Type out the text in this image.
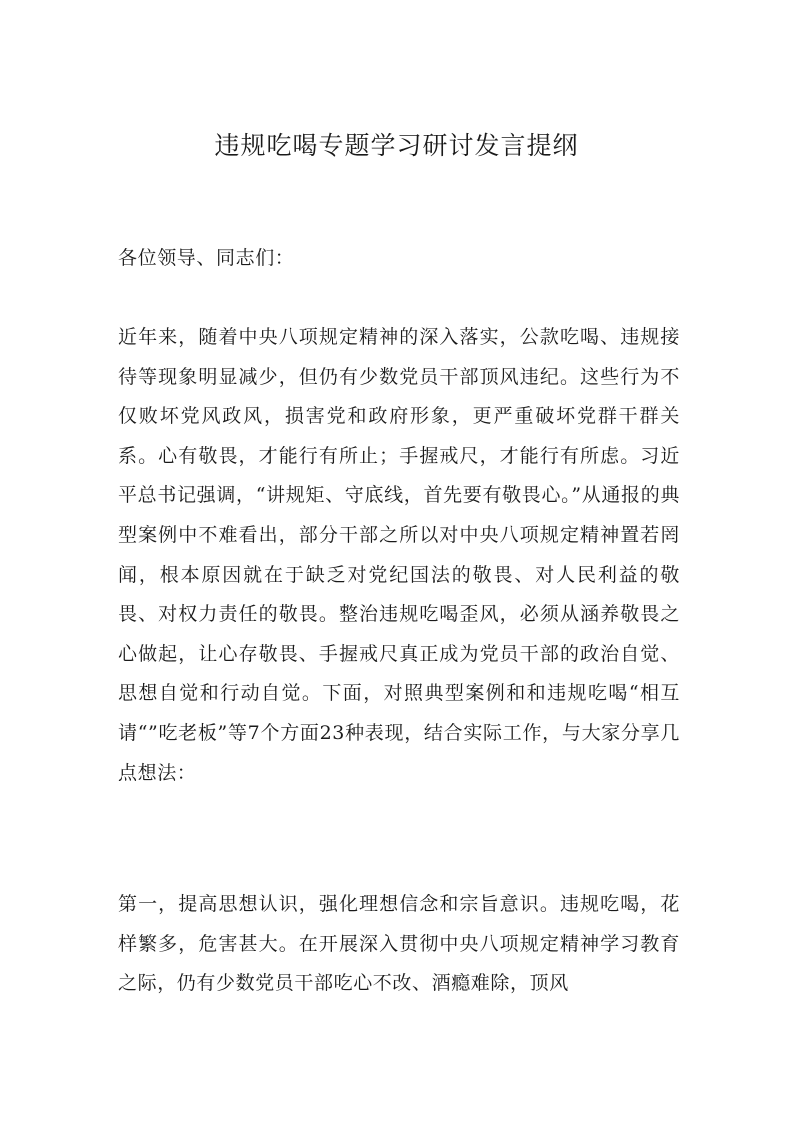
违规吃喝专题学习研讨发言提纲

各位领导、同志们：

近年来，随着中央八项规定精神的深入落实，公款吃喝、违规接待等现象明显减少，但仍有少数党员干部顶风违纪。这些行为不仅败坏党风政风，损害党和政府形象，更严重破坏党群干群关系。心有敬畏，才能行有所止；手握戒尺，才能行有所虑。习近平总书记强调，“讲规矩、守底线，首先要有敬畏心。”从通报的典型案例中不难看出，部分干部之所以对中央八项规定精神置若罔闻，根本原因就在于缺乏对党纪国法的敬畏、对人民利益的敬畏、对权力责任的敬畏。整治违规吃喝歪风，必须从涵养敬畏之心做起，让心存敬畏、手握戒尺真正成为党员干部的政治自觉、思想自觉和行动自觉。下面，对照典型案例和和违规吃喝“相互请“”吃老板”等7个方面23种表现，结合实际工作，与大家分享几点想法：

第一，提高思想认识，强化理想信念和宗旨意识。违规吃喝，花样繁多，危害甚大。在开展深入贯彻中央八项规定精神学习教育之际，仍有少数党员干部吃心不改、酒瘾难除，顶风
